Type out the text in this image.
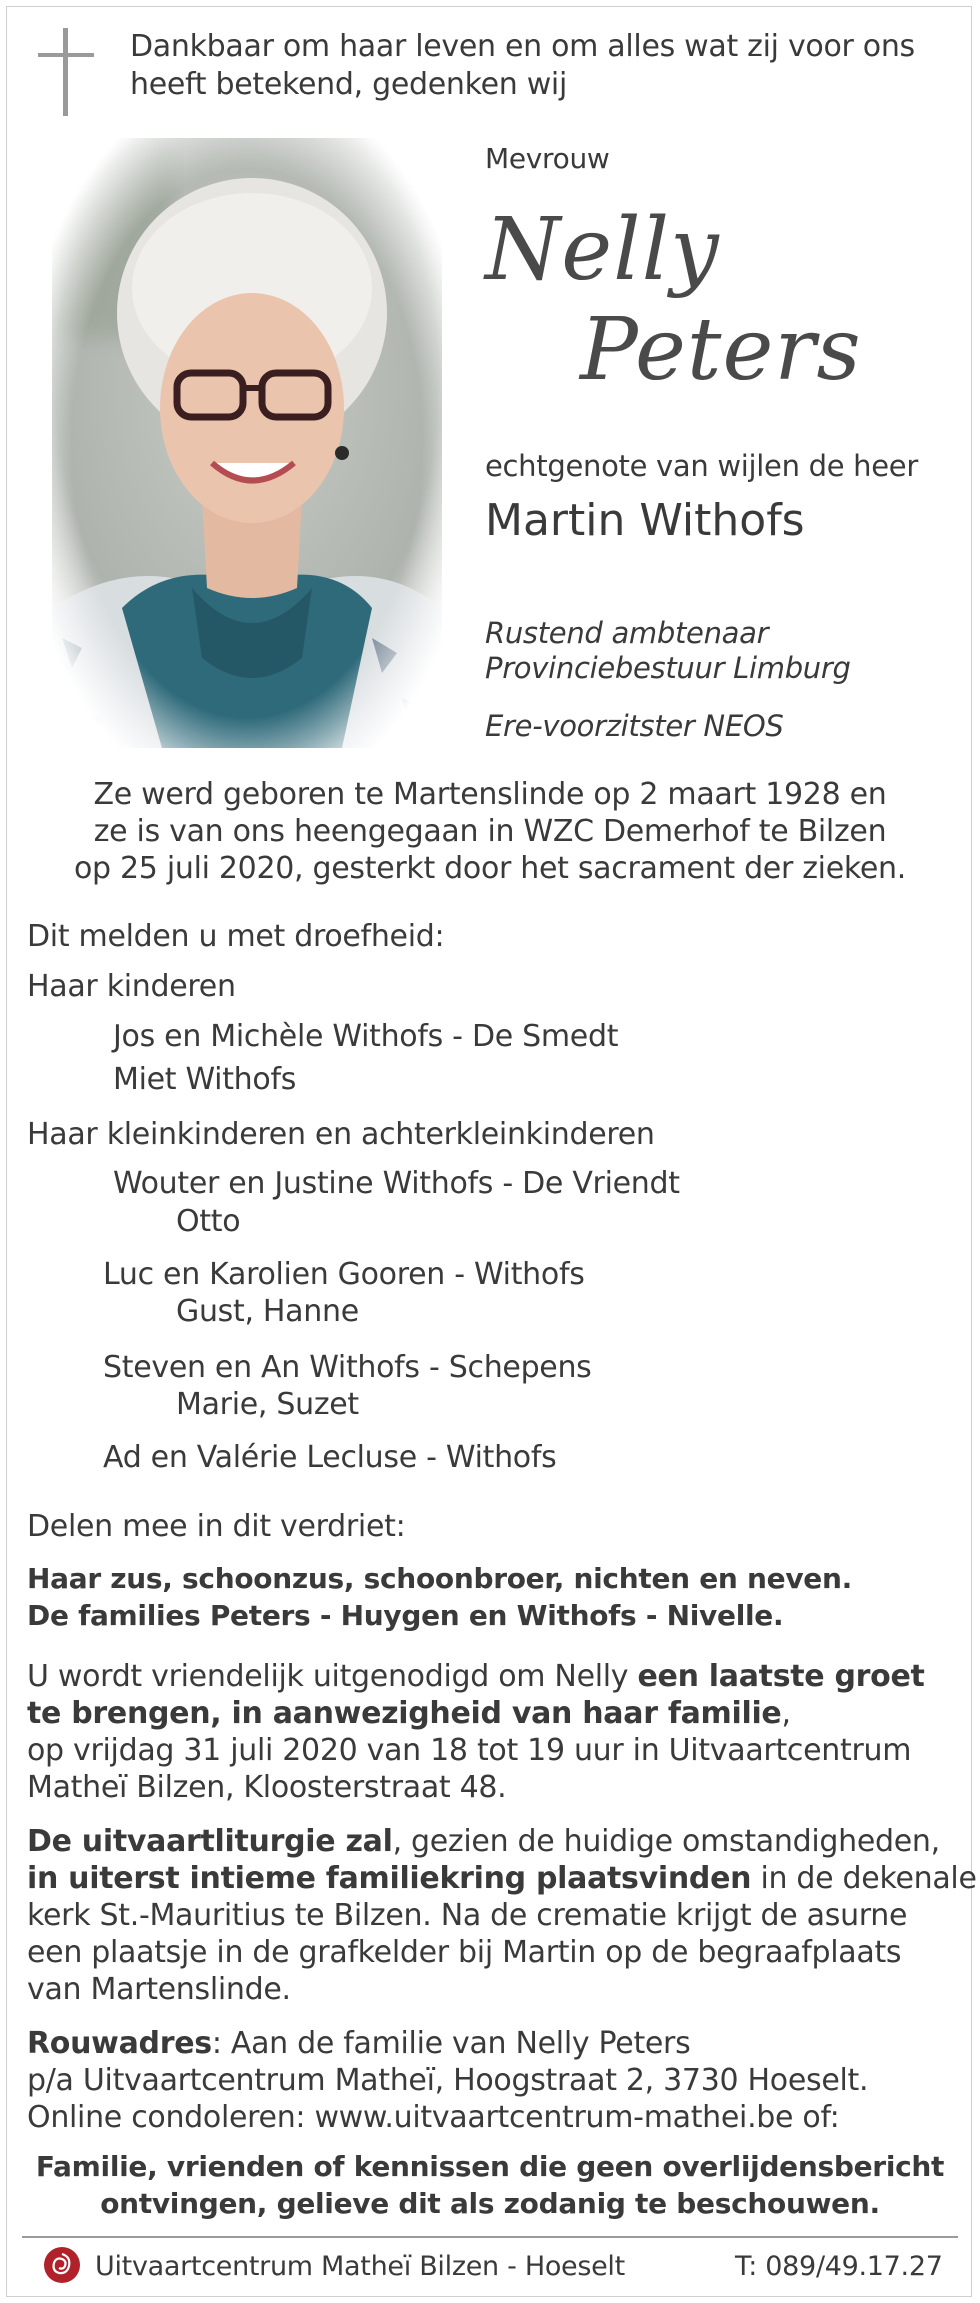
Dankbaar om haar leven en om alles wat zij voor ons
heeft betekend, gedenken wij
Mevrouw
Nelly
Peters
echtgenote van wijlen de heer
Martin Withofs
Rustend ambtenaar
Provinciebestuur Limburg
Ere-voorzitster NEOS
Ze werd geboren te Martenslinde op 2 maart 1928 en
ze is van ons heengegaan in WZC Demerhof te Bilzen
op 25 juli 2020, gesterkt door het sacrament der zieken.
Dit melden u met droefheid:
Haar kinderen
Jos en Michèle Withofs - De Smedt
Miet Withofs
Haar kleinkinderen en achterkleinkinderen
Wouter en Justine Withofs - De Vriendt
Otto
Luc en Karolien Gooren - Withofs
Gust, Hanne
Steven en An Withofs - Schepens
Marie, Suzet
Ad en Valérie Lecluse - Withofs
Delen mee in dit verdriet:
Haar zus, schoonzus, schoonbroer, nichten en neven.
De families Peters - Huygen en Withofs - Nivelle.
U wordt vriendelijk uitgenodigd om Nelly een laatste groet
te brengen, in aanwezigheid van haar familie,
op vrijdag 31 juli 2020 van 18 tot 19 uur in Uitvaartcentrum
Matheï Bilzen, Kloosterstraat 48.
De uitvaartliturgie zal, gezien de huidige omstandigheden,
in uiterst intieme familiekring plaatsvinden in de dekenale
kerk St.-Mauritius te Bilzen. Na de crematie krijgt de asurne
een plaatsje in de grafkelder bij Martin op de begraafplaats
van Martenslinde.
Rouwadres: Aan de familie van Nelly Peters
p/a Uitvaartcentrum Matheï, Hoogstraat 2, 3730 Hoeselt.
Online condoleren: www.uitvaartcentrum-mathei.be of:
Familie, vrienden of kennissen die geen overlijdensbericht
ontvingen, gelieve dit als zodanig te beschouwen.
Uitvaartcentrum Matheï Bilzen - Hoeselt	T: 089/49.17.27
